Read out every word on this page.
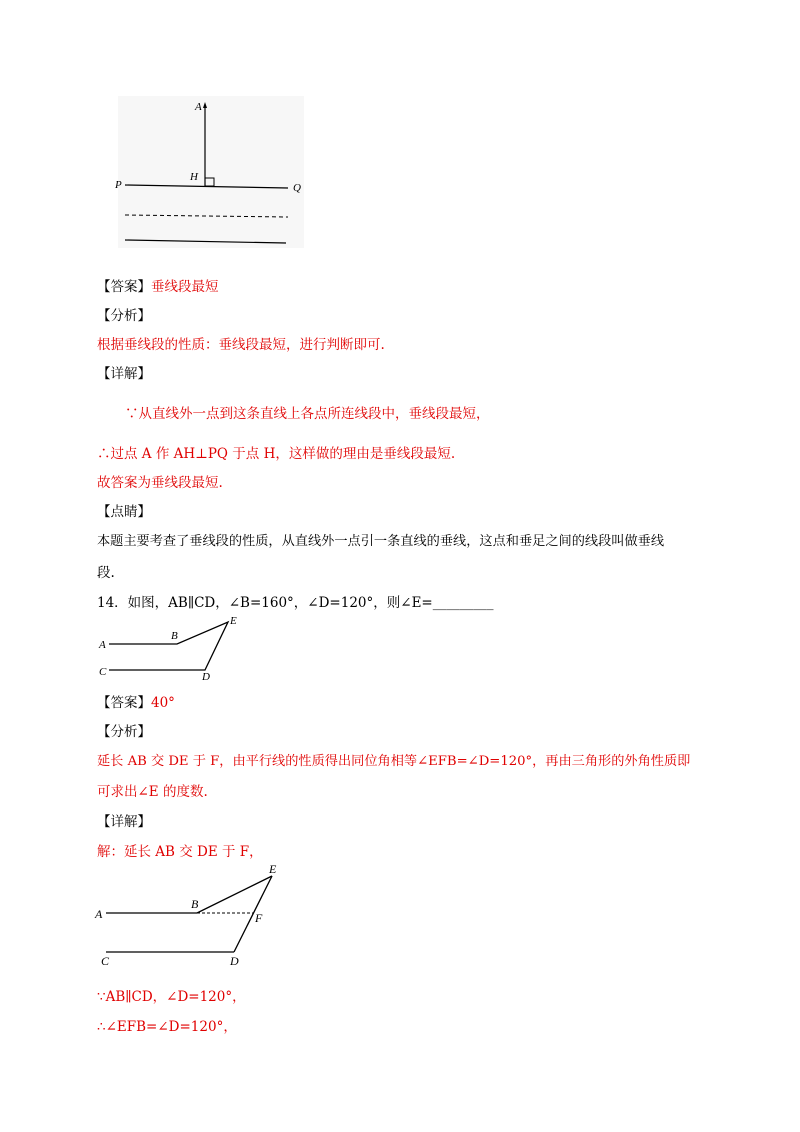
A
H
P	Q
【答案】垂线段最短
【分析】
根据垂线段的性质：垂线段最短，进行判断即可.
【详解】
∵从直线外一点到这条直线上各点所连线段中，垂线段最短，
∴过点 A 作 AH⊥PQ 于点 H，这样做的理由是垂线段最短.
故答案为垂线段最短.
【点睛】
本题主要考查了垂线段的性质，从直线外一点引一条直线的垂线，这点和垂足之间的线段叫做垂线
段.
14．如图，AB∥CD，∠B=160°，∠D=120°，则∠E=_________
A
B
C	D
E
【答案】40°
【分析】
延长 AB 交 DE 于 F，由平行线的性质得出同位角相等∠EFB=∠D=120°，再由三角形的外角性质即
可求出∠E 的度数.
【详解】
解：延长 AB 交 DE 于 F，
A
B
C	D
E
F
∵AB∥CD，∠D=120°，
∴∠EFB=∠D=120°，
